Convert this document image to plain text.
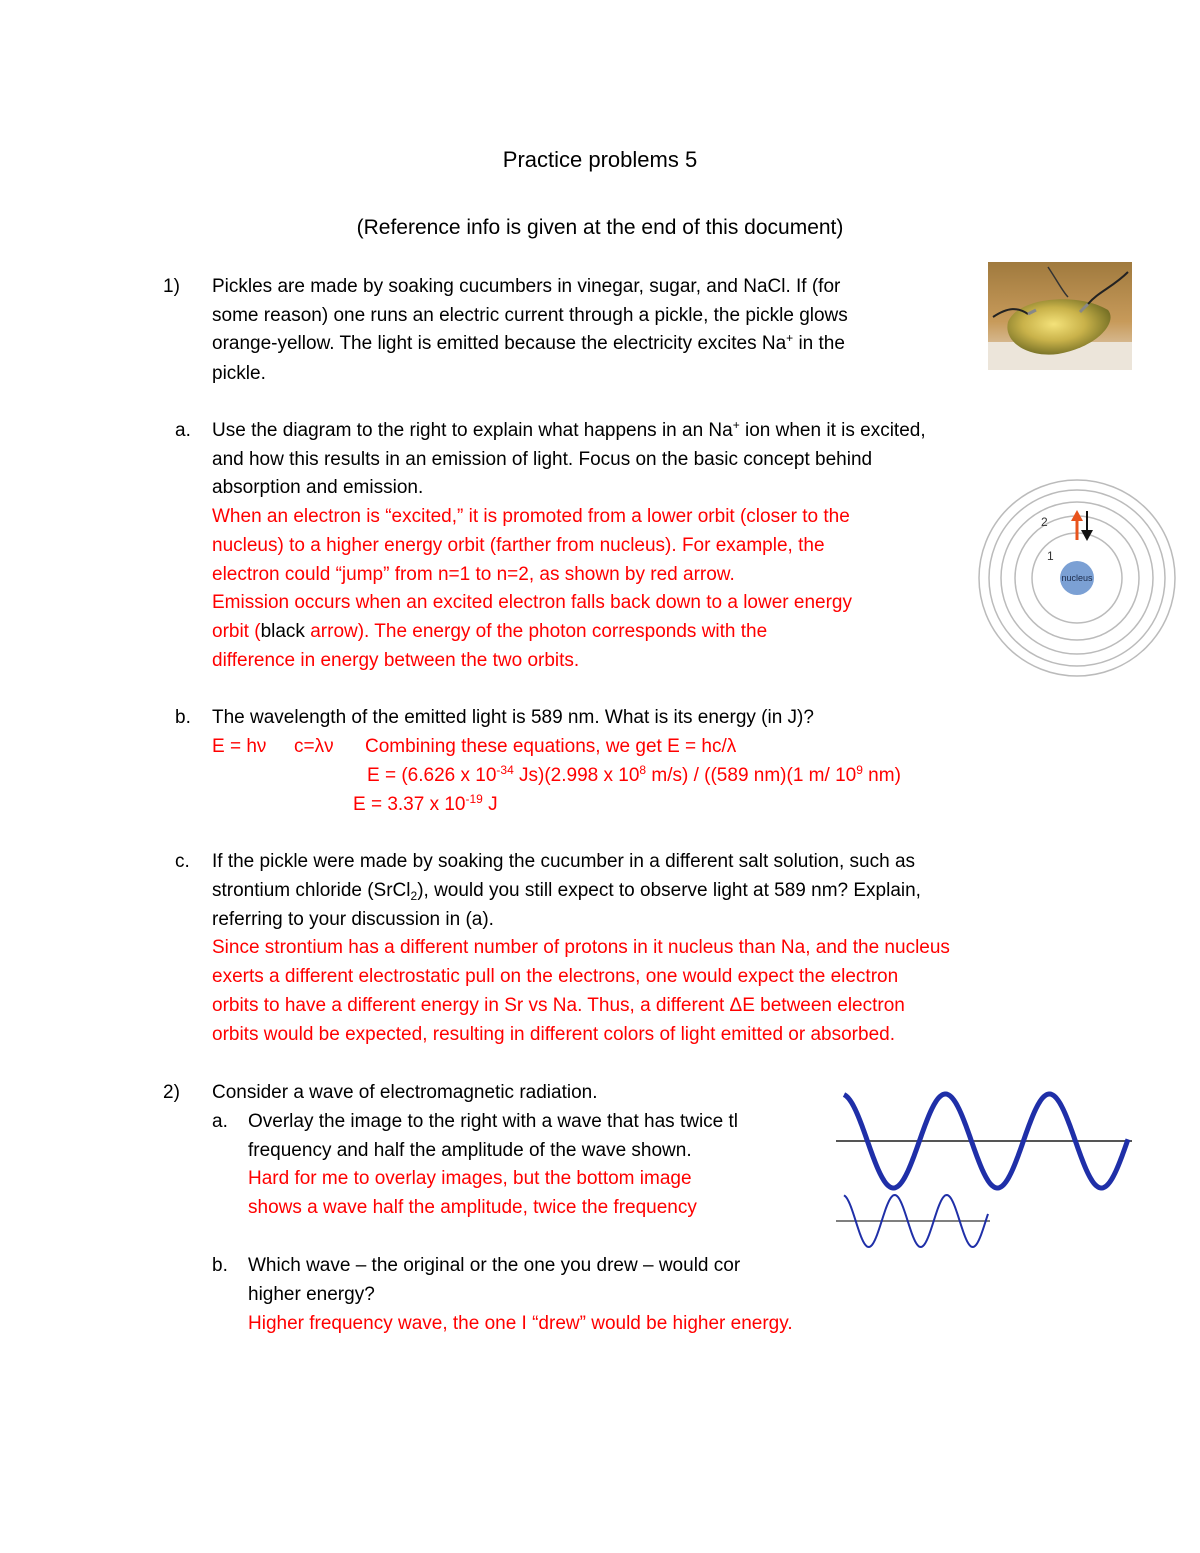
Practice problems 5
(Reference info is given at the end of this document)
1) Pickles are made by soaking cucumbers in vinegar, sugar, and NaCl. If (for
some reason) one runs an electric current through a pickle, the pickle glows
orange-yellow. The light is emitted because the electricity excites Na+ in the
pickle.
a. Use the diagram to the right to explain what happens in an Na+ ion when it is excited,
and how this results in an emission of light. Focus on the basic concept behind
absorption and emission.
When an electron is “excited,” it is promoted from a lower orbit (closer to the
nucleus) to a higher energy orbit (farther from nucleus). For example, the
electron could “jump” from n=1 to n=2, as shown by red arrow.
Emission occurs when an excited electron falls back down to a lower energy
orbit (black arrow). The energy of the photon corresponds with the
difference in energy between the two orbits.
nucleus
1
2
b. The wavelength of the emitted light is 589 nm. What is its energy (in J)?
E = hν c=λν Combining these equations, we get E = hc/λ
E = (6.626 x $10^{-34}$ Js)(2.998 x $10^8$ m/s) / ((589 nm)(1 m/ $10^9$ nm)
E = 3.37 x $10^{-19}$ J
c. If the pickle were made by soaking the cucumber in a different salt solution, such as
strontium chloride (SrCl$_2$), would you still expect to observe light at 589 nm? Explain,
referring to your discussion in (a).
Since strontium has a different number of protons in it nucleus than Na, and the nucleus
exerts a different electrostatic pull on the electrons, one would expect the electron
orbits to have a different energy in Sr vs Na. Thus, a different ΔE between electron
orbits would be expected, resulting in different colors of light emitted or absorbed.
2) Consider a wave of electromagnetic radiation.
a. Overlay the image to the right with a wave that has twice tl
frequency and half the amplitude of the wave shown.
Hard for me to overlay images, but the bottom image
shows a wave half the amplitude, twice the frequency
b. Which wave – the original or the one you drew – would cor
higher energy?
Higher frequency wave, the one I “drew” would be higher energy.
